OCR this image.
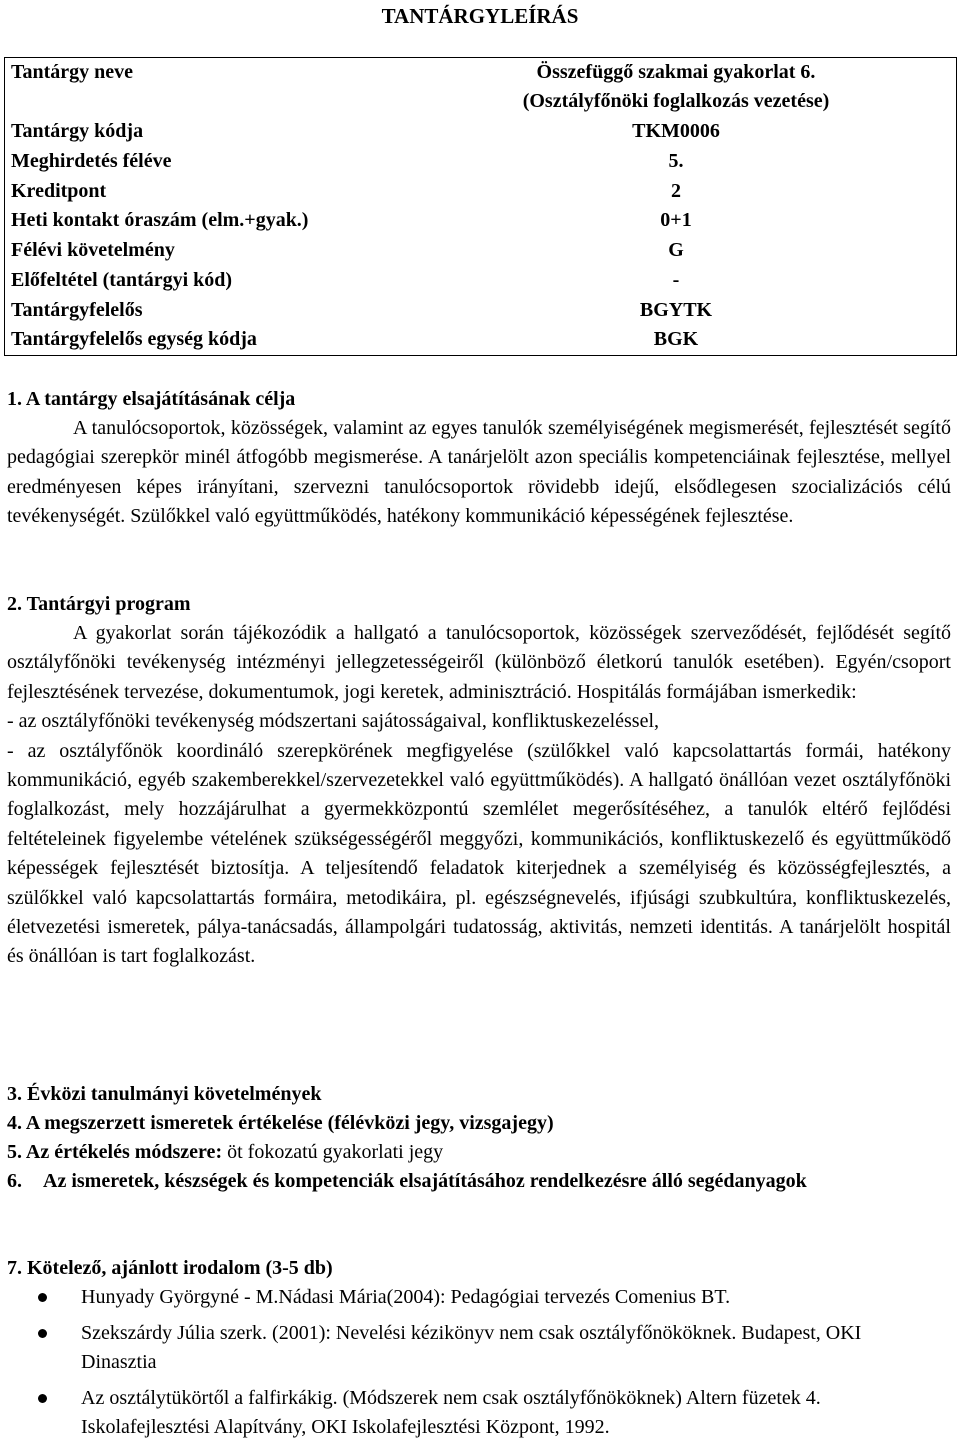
TANTÁRGYLEÍRÁS
Tantárgy neve	Összefüggő szakmai gyakorlat 6.
(Osztályfőnöki foglalkozás vezetése)
Tantárgy kódja	TKM0006
Meghirdetés féléve	5.
Kreditpont	2
Heti kontakt óraszám (elm.+gyak.)	0+1
Félévi követelmény	G
Előfeltétel (tantárgyi kód)	-
Tantárgyfelelős	BGYTK
Tantárgyfelelős egység kódja	BGK
1. A tantárgy elsajátításának célja

A tanulócsoportok, közösségek, valamint az egyes tanulók személyiségének megismerését, fejlesztését segítő pedagógiai szerepkör minél átfogóbb megismerése. A tanárjelölt azon speciális kompetenciáinak fejlesztése, mellyel eredményesen képes irányítani, szervezni tanulócsoportok rövidebb idejű, elsődlegesen szocializációs célú tevékenységét. Szülőkkel való együttműködés, hatékony kommunikáció képességének fejlesztése.

2. Tantárgyi program

A gyakorlat során tájékozódik a hallgató a tanulócsoportok, közösségek szerveződését, fejlődését segítő osztályfőnöki tevékenység intézményi jellegzetességeiről (különböző életkorú tanulók esetében). Egyén/csoport fejlesztésének tervezése, dokumentumok, jogi keretek, adminisztráció. Hospitálás formájában ismerkedik:

- az osztályfőnöki tevékenység módszertani sajátosságaival, konfliktuskezeléssel,

- az osztályfőnök koordináló szerepkörének megfigyelése (szülőkkel való kapcsolattartás formái, hatékony kommunikáció, egyéb szakemberekkel/szervezetekkel való együttműködés). A hallgató önállóan vezet osztályfőnöki foglalkozást, mely hozzájárulhat a gyermekközpontú szemlélet megerősítéséhez, a tanulók eltérő fejlődési feltételeinek figyelembe vételének szükségességéről meggyőzi, kommunikációs, konfliktuskezelő és együttműködő képességek fejlesztését biztosítja. A teljesítendő feladatok kiterjednek a személyiség és közösségfejlesztés, a szülőkkel való kapcsolattartás formáira, metodikáira, pl. egészségnevelés, ifjúsági szubkultúra, konfliktuskezelés, életvezetési ismeretek, pálya-tanácsadás, állampolgári tudatosság, aktivitás, nemzeti identitás. A tanárjelölt hospitál és önállóan is tart foglalkozást.

3. Évközi tanulmányi követelmények
4. A megszerzett ismeretek értékelése (félévközi jegy, vizsgajegy)
5. Az értékelés módszere: öt fokozatú gyakorlati jegy
6. Az ismeretek, készségek és kompetenciák elsajátításához rendelkezésre álló segédanyagok
7. Kötelező, ajánlott irodalom (3-5 db)
Hunyady Györgyné - M.Nádasi Mária(2004): Pedagógiai tervezés Comenius BT.
Szekszárdy Júlia szerk. (2001): Nevelési kézikönyv nem csak osztályfőnököknek. Budapest, OKI Dinasztia
Az osztálytükörtől a falfirkákig. (Módszerek nem csak osztályfőnököknek) Altern füzetek 4. Iskolafejlesztési Alapítvány, OKI Iskolafejlesztési Központ, 1992.
